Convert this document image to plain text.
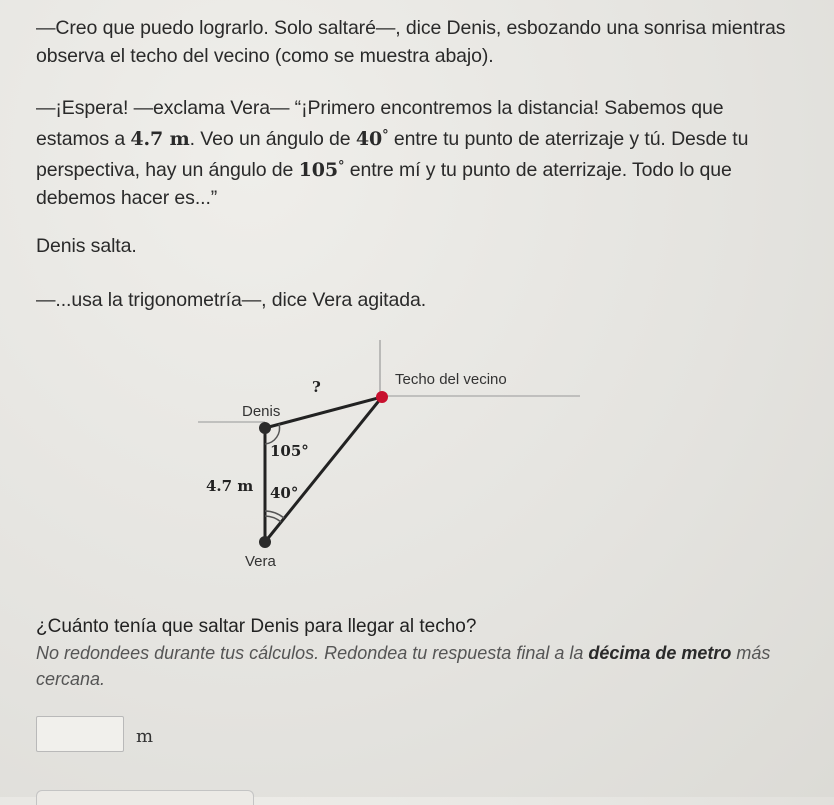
—Creo que puedo lograrlo. Solo saltaré—, dice Denis, esbozando una sonrisa mientras observa el techo del vecino (como se muestra abajo).

—¡Espera! —exclama Vera— “¡Primero encontremos la distancia! Sabemos que estamos a 4.7 m. Veo un ángulo de 40° entre tu punto de aterrizaje y tú. Desde tu perspectiva, hay un ángulo de 105° entre mí y tu punto de aterrizaje. Todo lo que debemos hacer es...”

Denis salta.

—...usa la trigonometría—, dice Vera agitada.

Techo del vecino
?
Denis
Vera
4.7 m
105°
40°

¿Cuánto tenía que saltar Denis para llegar al techo?

No redondees durante tus cálculos. Redondea tu respuesta final a la décima de metro más cercana.

m
